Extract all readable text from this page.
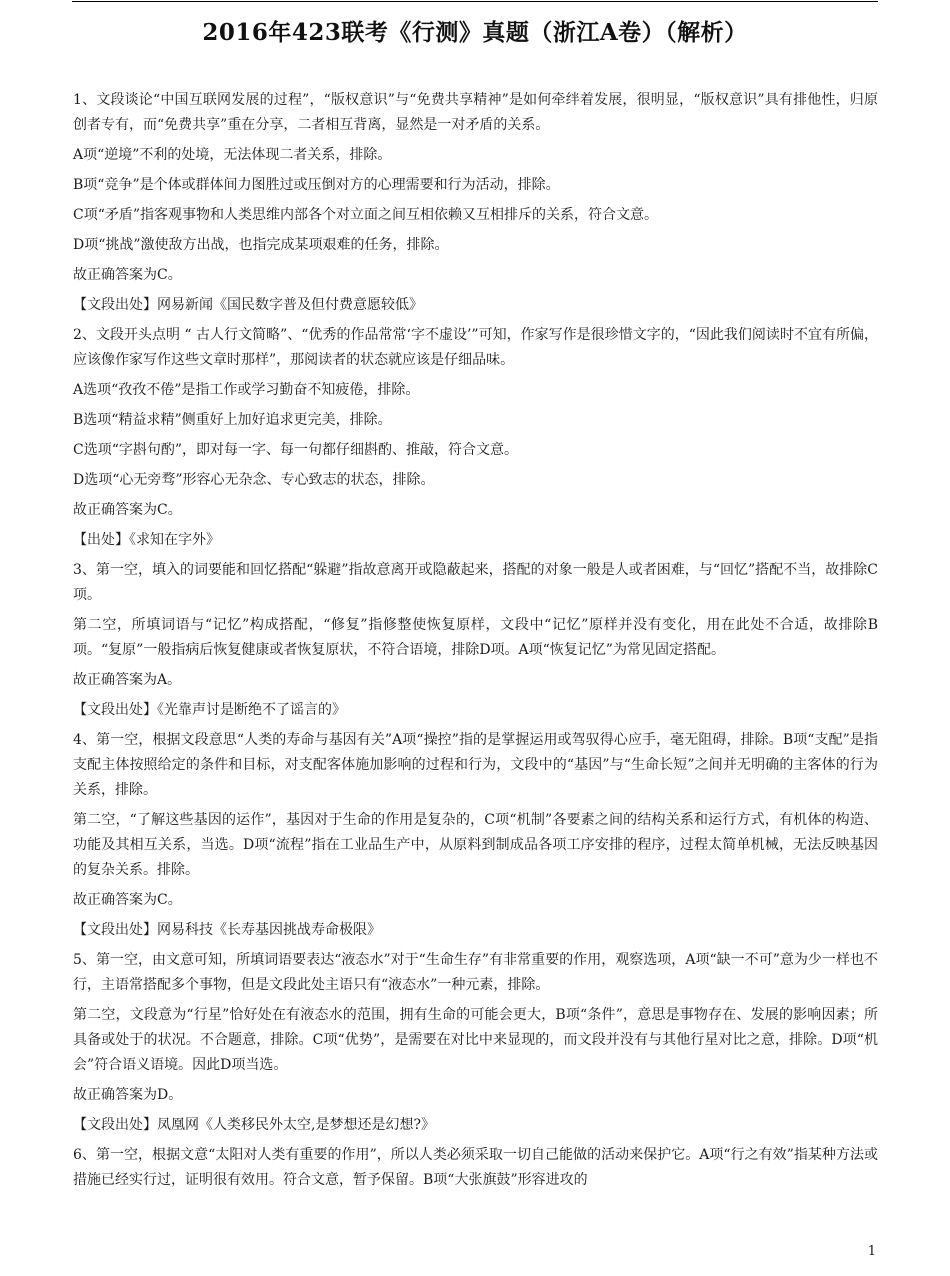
2016年423联考《行测》真题（浙江A卷）（解析）

1、文段谈论“中国互联网发展的过程”，“版权意识”与“免费共享精神”是如何牵绊着发展，很明显，“版权意识”具有排他性，归原创者专有，而“免费共享”重在分享，二者相互背离，显然是一对矛盾的关系。

A项“逆境”不利的处境，无法体现二者关系，排除。

B项“竞争”是个体或群体间力图胜过或压倒对方的心理需要和行为活动，排除。

C项“矛盾”指客观事物和人类思维内部各个对立面之间互相依赖又互相排斥的关系，符合文意。

D项“挑战”激使敌方出战，也指完成某项艰难的任务，排除。

故正确答案为C。

【文段出处】网易新闻《国民数字普及但付费意愿较低》

2、文段开头点明 “ 古人行文简略”、“优秀的作品常常‘字不虚设’”可知，作家写作是很珍惜文字的，“因此我们阅读时不宜有所偏，应该像作家写作这些文章时那样”，那阅读者的状态就应该是仔细品味。

A选项“孜孜不倦”是指工作或学习勤奋不知疲倦，排除。

B选项“精益求精”侧重好上加好追求更完美，排除。

C选项“字斟句酌”，即对每一字、每一句都仔细斟酌、推敲，符合文意。

D选项“心无旁骛”形容心无杂念、专心致志的状态，排除。

故正确答案为C。

【出处】《求知在字外》

3、第一空，填入的词要能和回忆搭配“躲避”指故意离开或隐蔽起来，搭配的对象一般是人或者困难，与“回忆”搭配不当，故排除C项。

第二空，所填词语与“记忆”构成搭配，“修复”指修整使恢复原样，文段中“记忆”原样并没有变化，用在此处不合适，故排除B项。“复原”一般指病后恢复健康或者恢复原状，不符合语境，排除D项。A项“恢复记忆”为常见固定搭配。

故正确答案为A。

【文段出处】《光靠声讨是断绝不了谣言的》

4、第一空，根据文段意思“人类的寿命与基因有关”A项“操控”指的是掌握运用或驾驭得心应手，毫无阻碍，排除。B项“支配”是指支配主体按照给定的条件和目标，对支配客体施加影响的过程和行为，文段中的“基因”与“生命长短”之间并无明确的主客体的行为关系，排除。

第二空，“了解这些基因的运作”，基因对于生命的作用是复杂的，C项“机制”各要素之间的结构关系和运行方式，有机体的构造、功能及其相互关系，当选。D项“流程”指在工业品生产中，从原料到制成品各项工序安排的程序，过程太简单机械，无法反映基因的复杂关系。排除。

故正确答案为C。

【文段出处】网易科技《长寿基因挑战寿命极限》

5、第一空，由文意可知，所填词语要表达“液态水”对于“生命生存”有非常重要的作用，观察选项，A项“缺一不可”意为少一样也不行，主语常搭配多个事物，但是文段此处主语只有“液态水”一种元素，排除。

第二空，文段意为“行星”恰好处在有液态水的范围，拥有生命的可能会更大，B项“条件”，意思是事物存在、发展的影响因素；所具备或处于的状况。不合题意，排除。C项“优势”，是需要在对比中来显现的，而文段并没有与其他行星对比之意，排除。D项“机会”符合语义语境。因此D项当选。

故正确答案为D。

【文段出处】凤凰网《人类移民外太空,是梦想还是幻想?》

6、第一空，根据文意“太阳对人类有重要的作用”，所以人类必须采取一切自己能做的活动来保护它。A项“行之有效”指某种方法或措施已经实行过，证明很有效用。符合文意，暂予保留。B项“大张旗鼓”形容进攻的

1
